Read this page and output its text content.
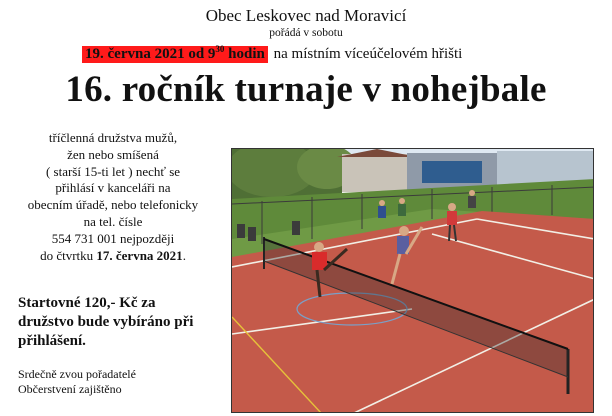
Obec Leskovec nad Moravicí
pořádá v sobotu
19. června 2021 od $9^{30}$ hodin na místním víceúčelovém hřišti
16. ročník turnaje v nohejbale
tříčlenná družstva mužů,
žen nebo smíšená
( starší 15-ti let ) nechť se
přihlásí v kanceláři na
obecním úřadě, nebo telefonicky
na tel. čísle
554 731 001 nejpozději
do čtvrtku 17. června 2021.
Startovné 120,- Kč za
družstvo bude vybíráno při
přihlášení.
Srdečně zvou pořadatelé
Občerstvení zajištěno
